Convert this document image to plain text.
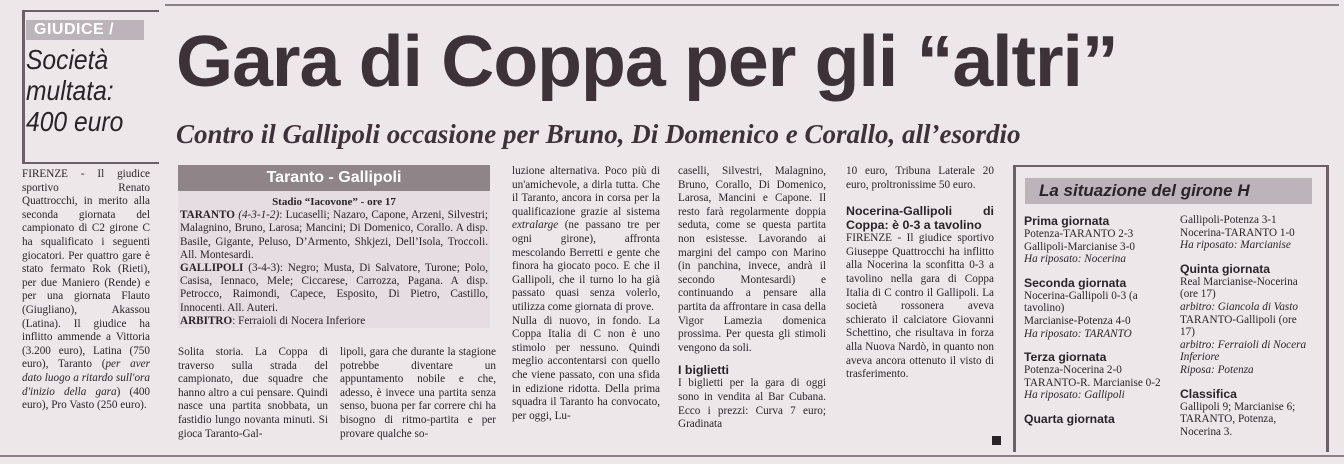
GIUDICE /
Società
multata:
400 euro
FIRENZE - Il giudice sportivo Renato Quattrocchi, in merito alla seconda giornata del campionato di C2 girone C ha squalificato i seguenti giocatori. Per quattro gare è stato fermato Rok (Rieti), per due Maniero (Rende) e per una giornata Flauto (Giugliano), Akassou (Latina). Il giudice ha inflitto ammende a Vittoria (3.200 euro), Latina (750 euro), Taranto (per aver dato luogo a ritardo sull'ora d'inizio della gara) (400 euro), Pro Vasto (250 euro).
Gara di Coppa per gli “altri”
Contro il Gallipoli occasione per Bruno, Di Domenico e Corallo, all’esordio
Taranto - Gallipoli
Stadio “Iacovone” - ore 17
TARANTO (4-3-1-2): Lucaselli; Nazaro, Capone, Arzeni, Silvestri; Malagnino, Bruno, Larosa; Mancini; Di Domenico, Corallo. A disp. Basile, Gigante, Peluso, D’Armento, Shkjezi, Dell’Isola, Troccoli. All. Montesardi.
GALLIPOLI (3-4-3): Negro; Musta, Di Salvatore, Turone; Polo, Casisa, Iennaco, Mele; Ciccarese, Carrozza, Pagana. A disp. Petrocco, Raimondi, Capece, Esposito, Di Pietro, Castillo, Innocenti. All. Auteri.
ARBITRO: Ferraioli di Nocera Inferiore
Solita storia. La Coppa di traverso sulla strada del campionato, due squadre che hanno altro a cui pensare. Quindi nasce una partita snobbata, un fastidio lungo novanta minuti. Si gioca Taranto-Gal-
lipoli, gara che durante la stagione potrebbe diventare un appuntamento nobile e che, adesso, è invece una partita senza senso, buona per far correre chi ha bisogno di ritmo-partita e per provare qualche so-

luzione alternativa. Poco più di un'amichevole, a dirla tutta. Che il Taranto, ancora in corsa per la qualificazione grazie al sistema extralarge (ne passano tre per ogni girone), affronta mescolando Berretti e gente che finora ha giocato poco. E che il Gallipoli, che il turno lo ha già passato quasi senza volerlo, utilizza come giornata di prove.

Nulla di nuovo, in fondo. La Coppa Italia di C non è uno stimolo per nessuno. Quindi meglio accontentarsi con quello che viene passato, con una sfida in edizione ridotta. Della prima squadra il Taranto ha convocato, per oggi, Lu-

caselli, Silvestri, Malagnino, Bruno, Corallo, Di Domenico, Larosa, Mancini e Capone. Il resto farà regolarmente doppia seduta, come se questa partita non esistesse. Lavorando ai margini del campo con Marino (in panchina, invece, andrà il secondo Montesardi) e continuando a pensare alla partita da affrontare in casa della Vigor Lamezia domenica prossima. Per questa gli stimoli vengono da soli.

I biglietti

I biglietti per la gara di oggi sono in vendita al Bar Cubana. Ecco i prezzi: Curva 7 euro; Gradinata

10 euro, Tribuna Laterale 20 euro, proltronissime 50 euro.

Nocerina-Gallipoli di Coppa: è 0-3 a tavolino

FIRENZE - Il giudice sportivo Giuseppe Quattrocchi ha inflitto alla Nocerina la sconfitta 0-3 a tavolino nella gara di Coppa Italia di C contro il Gallipoli. La società rossonera aveva schierato il calciatore Giovanni Schettino, che risultava in forza alla Nuova Nardò, in quanto non aveva ancora ottenuto il visto di trasferimento.

La situazione del girone H

Prima giornata

Potenza-TARANTO 2-3

Gallipoli-Marcianise 3-0

Ha riposato: Nocerina

Seconda giornata

Nocerina-Gallipoli 0-3 (a tavolino)

Marcianise-Potenza 4-0

Ha riposato: TARANTO

Terza giornata

Potenza-Nocerina 2-0

TARANTO-R. Marcianise 0-2

Ha riposato: Gallipoli

Quarta giornata

Gallipoli-Potenza 3-1

Nocerina-TARANTO 1-0

Ha riposato: Marcianise

Quinta giornata

Real Marcianise-Nocerina (ore 17)

arbitro: Giancola di Vasto

TARANTO-Gallipoli (ore 17)

arbitro: Ferraioli di Nocera Inferiore

Riposa: Potenza

Classifica

Gallipoli 9; Marcianise 6; TARANTO, Potenza, Nocerina 3.
